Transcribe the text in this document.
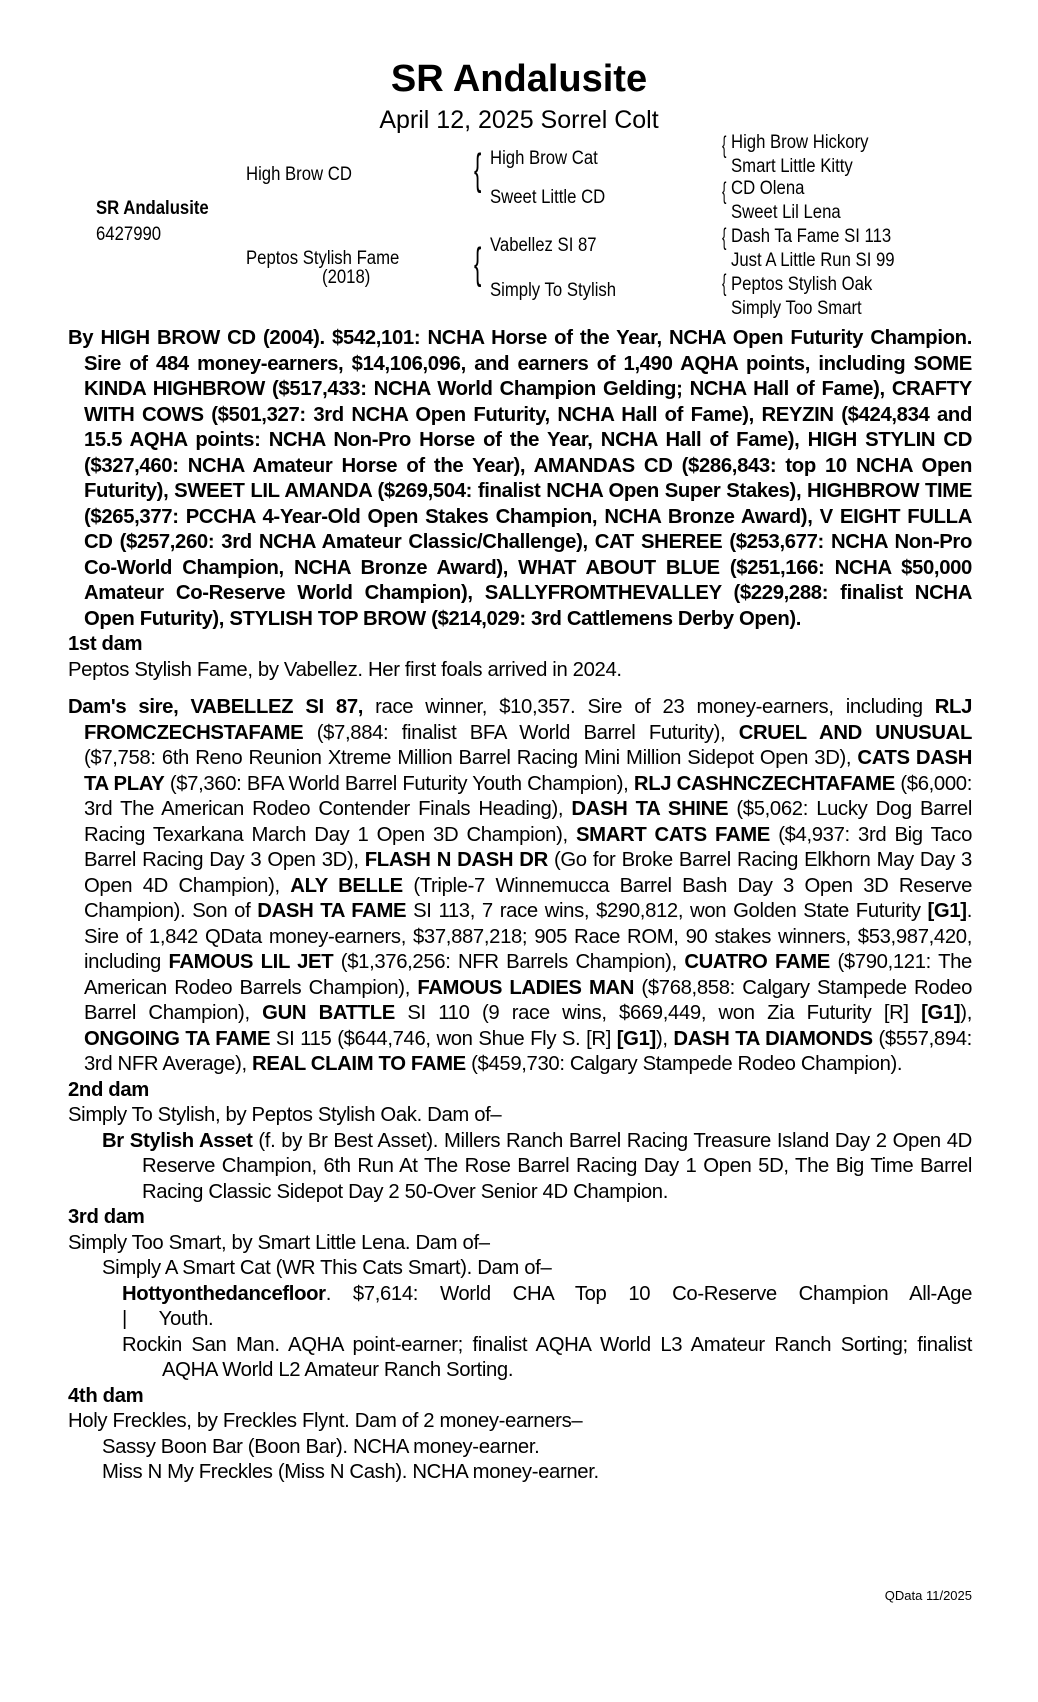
SR Andalusite
April 12, 2025 Sorrel Colt
SR Andalusite
6427990
High Brow CD
Peptos Stylish Fame
(2018)
{
{
High Brow Cat
Sweet Little CD
Vabellez SI 87
Simply To Stylish
{
{
{
{
High Brow Hickory
Smart Little Kitty
CD Olena
Sweet Lil Lena
Dash Ta Fame SI 113
Just A Little Run SI 99
Peptos Stylish Oak
Simply Too Smart

By HIGH BROW CD (2004). $542,101: NCHA Horse of the Year, NCHA Open Futurity Champion. Sire of 484 money-earners, $14,106,096, and earners of 1,490 AQHA points, including SOME KINDA HIGHBROW ($517,433: NCHA World Champion Gelding; NCHA Hall of Fame), CRAFTY WITH COWS ($501,327: 3rd NCHA Open Futurity, NCHA Hall of Fame), REYZIN ($424,834 and 15.5 AQHA points: NCHA Non-Pro Horse of the Year, NCHA Hall of Fame), HIGH STYLIN CD ($327,460: NCHA Amateur Horse of the Year), AMANDAS CD ($286,843: top 10 NCHA Open Futurity), SWEET LIL AMANDA ($269,504: finalist NCHA Open Super Stakes), HIGHBROW TIME ($265,377: PCCHA 4-Year-Old Open Stakes Champion, NCHA Bronze Award), V EIGHT FULLA CD ($257,260: 3rd NCHA Amateur Classic/Challenge), CAT SHEREE ($253,677: NCHA Non-Pro Co-World Champion, NCHA Bronze Award), WHAT ABOUT BLUE ($251,166: NCHA $50,000 Amateur Co-Reserve World Champion), SALLYFROMTHEVALLEY ($229,288: finalist NCHA Open Futurity), STYLISH TOP BROW ($214,029: 3rd Cattlemens Derby Open).

1st dam

Peptos Stylish Fame, by Vabellez. Her first foals arrived in 2024.

Dam's sire, VABELLEZ SI 87, race winner, $10,357. Sire of 23 money-earners, including RLJ FROMCZECHSTAFAME ($7,884: finalist BFA World Barrel Futurity), CRUEL AND UNUSUAL ($7,758: 6th Reno Reunion Xtreme Million Barrel Racing Mini Million Sidepot Open 3D), CATS DASH TA PLAY ($7,360: BFA World Barrel Futurity Youth Champion), RLJ CASHNCZECHTAFAME ($6,000: 3rd The American Rodeo Contender Finals Heading), DASH TA SHINE ($5,062: Lucky Dog Barrel Racing Texarkana March Day 1 Open 3D Champion), SMART CATS FAME ($4,937: 3rd Big Taco Barrel Racing Day 3 Open 3D), FLASH N DASH DR (Go for Broke Barrel Racing Elkhorn May Day 3 Open 4D Champion), ALY BELLE (Triple-7 Winnemucca Barrel Bash Day 3 Open 3D Reserve Champion). Son of DASH TA FAME SI 113, 7 race wins, $290,812, won Golden State Futurity [G1]. Sire of 1,842 QData money-earners, $37,887,218; 905 Race ROM, 90 stakes winners, $53,987,420, including FAMOUS LIL JET ($1,376,256: NFR Barrels Champion), CUATRO FAME ($790,121: The American Rodeo Barrels Champion), FAMOUS LADIES MAN ($768,858: Calgary Stampede Rodeo Barrel Champion), GUN BATTLE SI 110 (9 race wins, $669,449, won Zia Futurity [R] [G1]), ONGOING TA FAME SI 115 ($644,746, won Shue Fly S. [R] [G1]), DASH TA DIAMONDS ($557,894: 3rd NFR Average), REAL CLAIM TO FAME ($459,730: Calgary Stampede Rodeo Champion).

2nd dam

Simply To Stylish, by Peptos Stylish Oak. Dam of–

Br Stylish Asset (f. by Br Best Asset). Millers Ranch Barrel Racing Treasure Island Day 2 Open 4D Reserve Champion, 6th Run At The Rose Barrel Racing Day 1 Open 5D, The Big Time Barrel Racing Classic Sidepot Day 2 50-Over Senior 4D Champion.

3rd dam

Simply Too Smart, by Smart Little Lena. Dam of–

Simply A Smart Cat (WR This Cats Smart). Dam of–

Hottyonthedancefloor. $7,614: World CHA Top 10 Co-Reserve Champion All-Age

|      Youth.

Rockin San Man. AQHA point-earner; finalist AQHA World L3 Amateur Ranch Sorting; finalist AQHA World L2 Amateur Ranch Sorting.

4th dam

Holy Freckles, by Freckles Flynt. Dam of 2 money-earners–

Sassy Boon Bar (Boon Bar). NCHA money-earner.

Miss N My Freckles (Miss N Cash). NCHA money-earner.

QData 11/2025
